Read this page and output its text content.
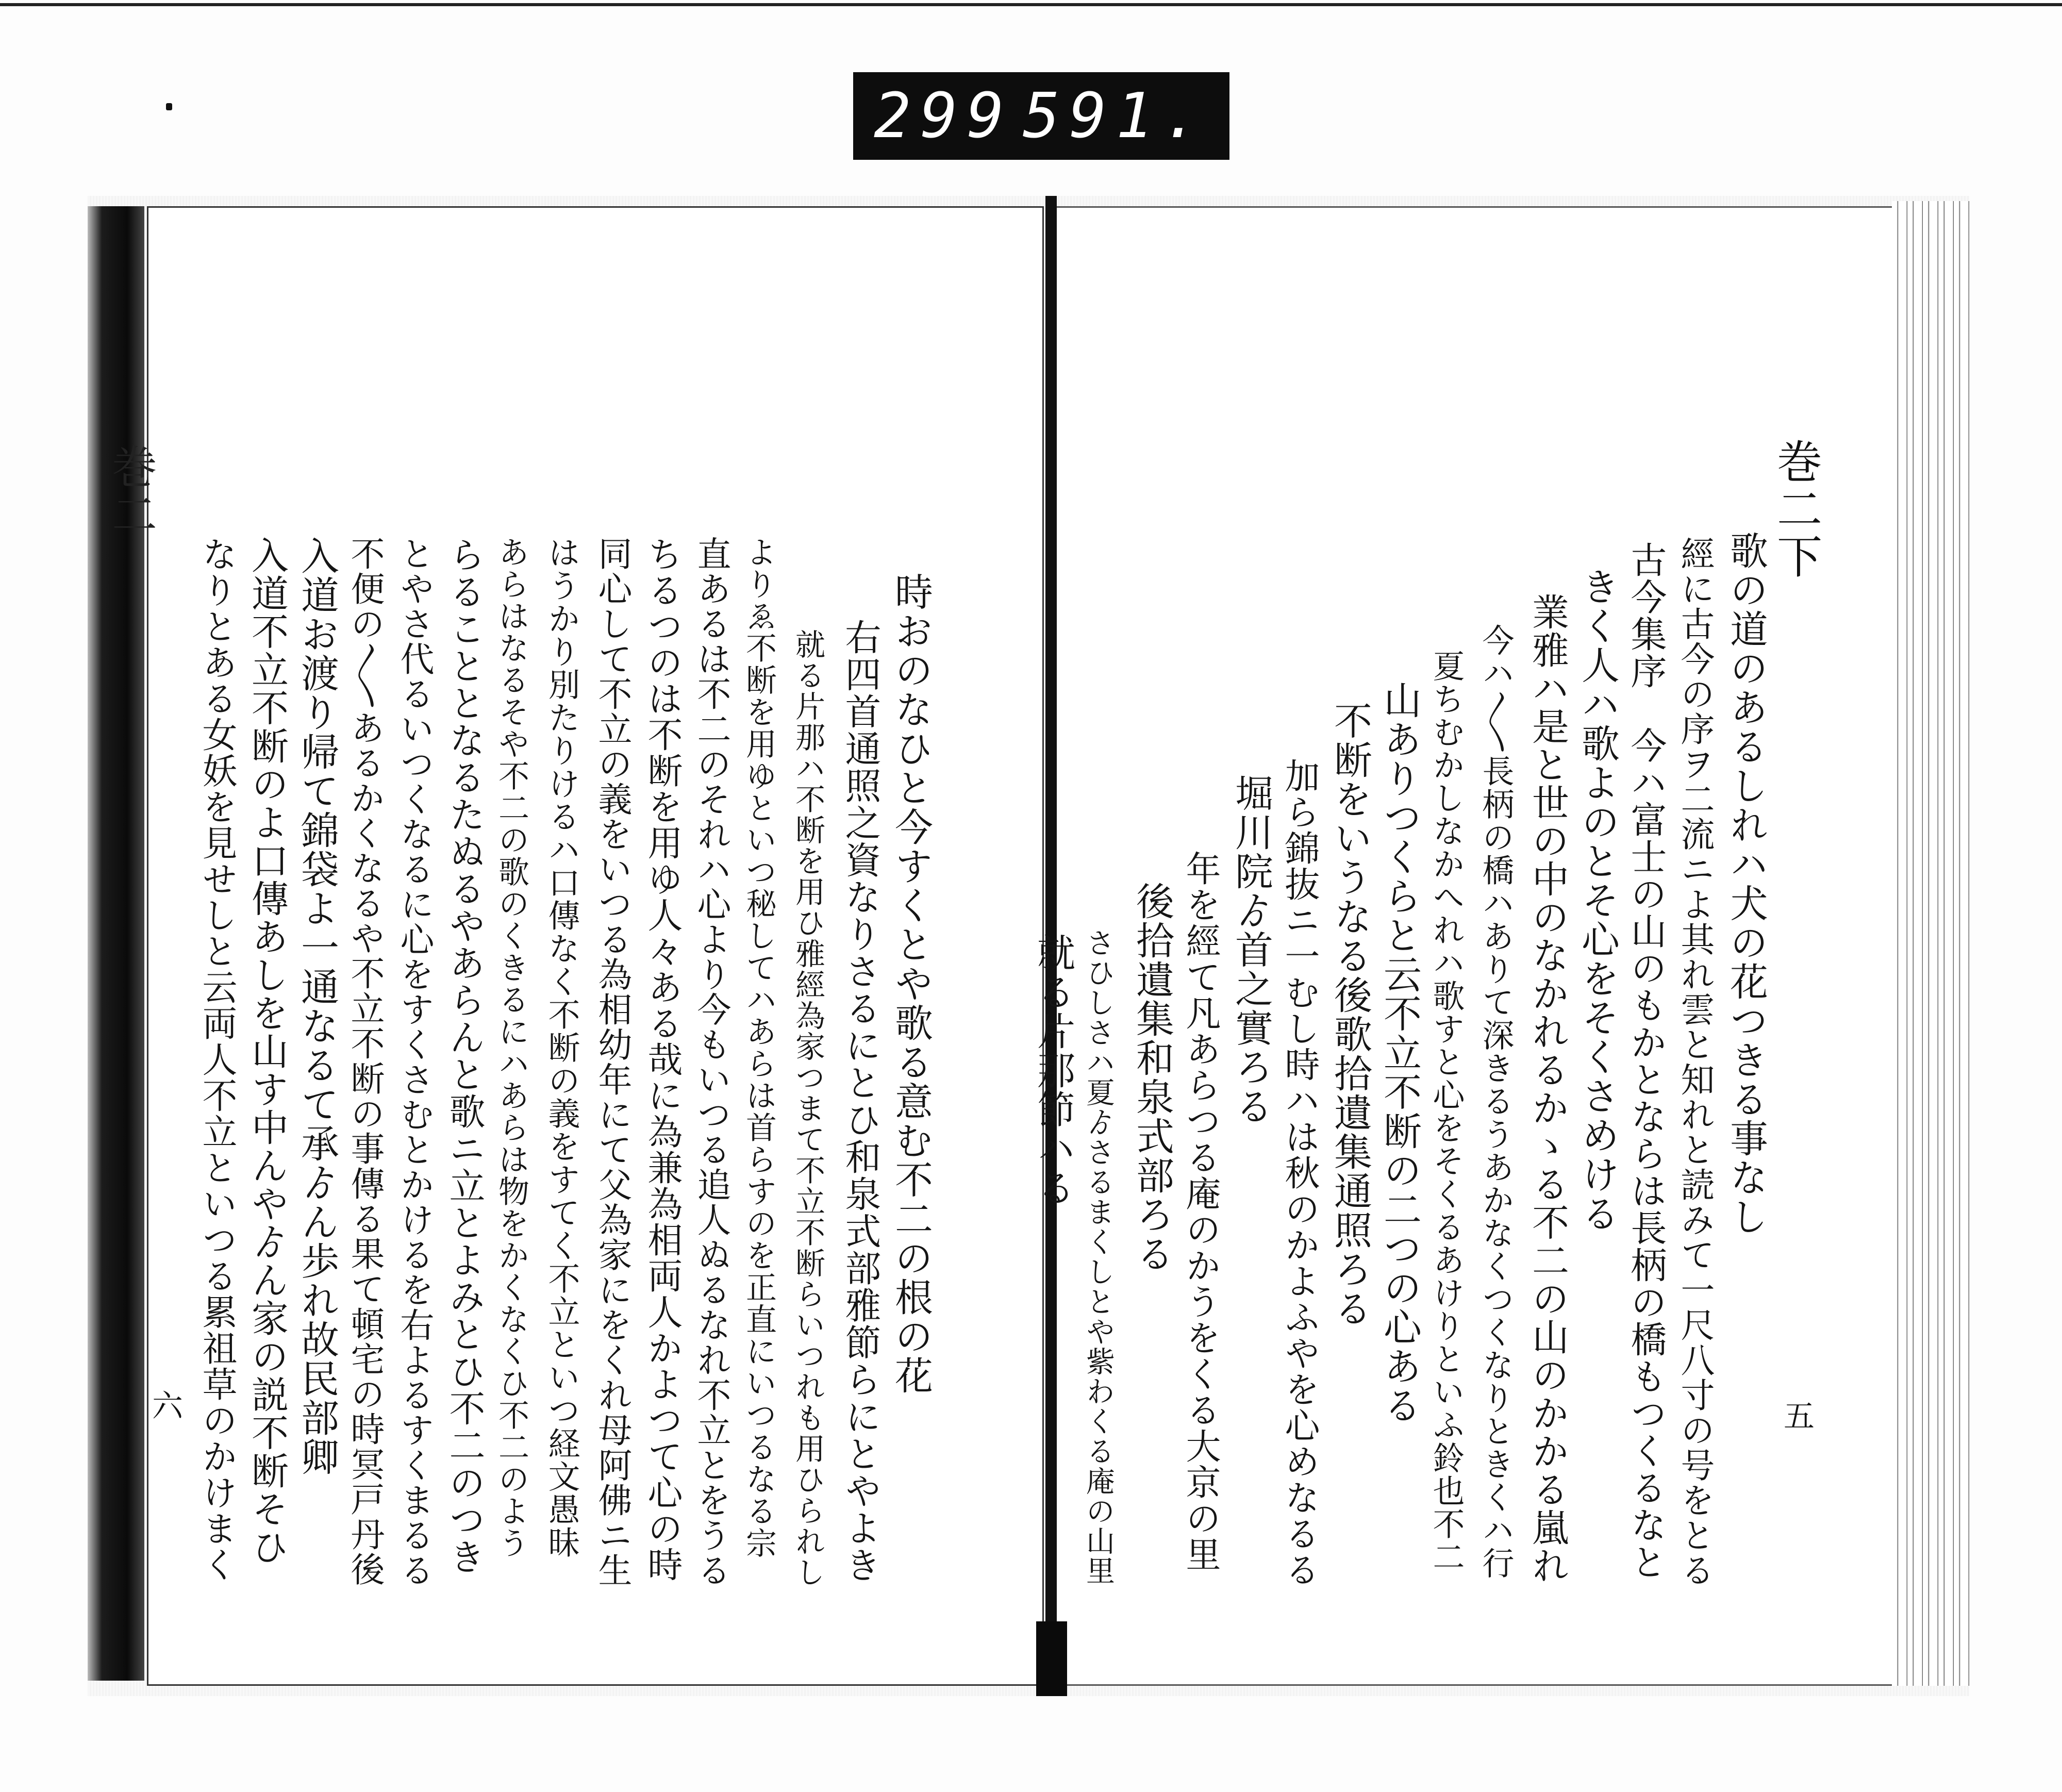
299 591.
巻二下
五
巻二
六
歌の道のあるしれハ犬の花つきる事なし
經に古今の序ヲ二流ニよ其れ雲と知れと読みて一尺八寸の号をとる
古今集序　今ハ富士の山のもかとならは長柄の橋もつくるなと
きく人ハ歌よのとそ心をそくさめける
業雅ハ是と世の中のなかれるかゝる不二の山のかかる嵐れ
今ハ〳〵長柄の橋ハありて深きるうあかなくつくなりときくハ行
夏ちむかしなかへれハ歌すと心をそくるあけりといふ鈴也不二
山ありつくらと云不立不断の二つの心ある
不断をいうなる後歌拾遺集通照ろる
加ら錦抜ニ一むし時ハは秋のかよふやを心めなるる
堀川院ゟ首之實ろる
年を經て凡あらつる庵のかうをくる大京の里
後拾遺集和泉式部ろる
さひしさハ夏ゟさるまくしとや紫わくる庵の山里
就る片那節ハる
時おのなひと今すくとや歌る意む不二の根の花
右四首通照之資なりさるにとひ和泉式部雅節らにとやよき
就る片那ハ不断を用ひ雅經為家つまて不立不断らいつれも用ひられし
よりゑ不断を用ゆといつ秘してハあらは首らすのを正直にいつるなる宗
直あるは不二のそれハ心より今もいつる追人ぬるなれ不立とをうる
ちるつのは不断を用ゆ人々ある哉に為兼為相両人かよつて心の時
同心して不立の義をいつる為相幼年にて父為家にをくれ母阿佛ニ生
はうかり別たりけるハ口傳なく不断の義をすてく不立といつ経文愚昧
あらはなるそや不二の歌のくきるにハあらは物をかくなくひ不二のよう
らることとなるたぬるやあらんと歌ニ立とよみとひ不二のつき
とやさ代るいつくなるに心をすくさむとかけるを右よるすくまるる
不便の〳〵あるかくなるや不立不断の事傳る果て頓宅の時冥戸丹後
入道お渡り帰て錦袋よ一通なるて承ゟん歩れ故民部卿
入道不立不断のよ口傳あしを山す中んやゟん家の説不断そひ
なりとある女妖を見せしと云両人不立といつる累祖草のかけまく
